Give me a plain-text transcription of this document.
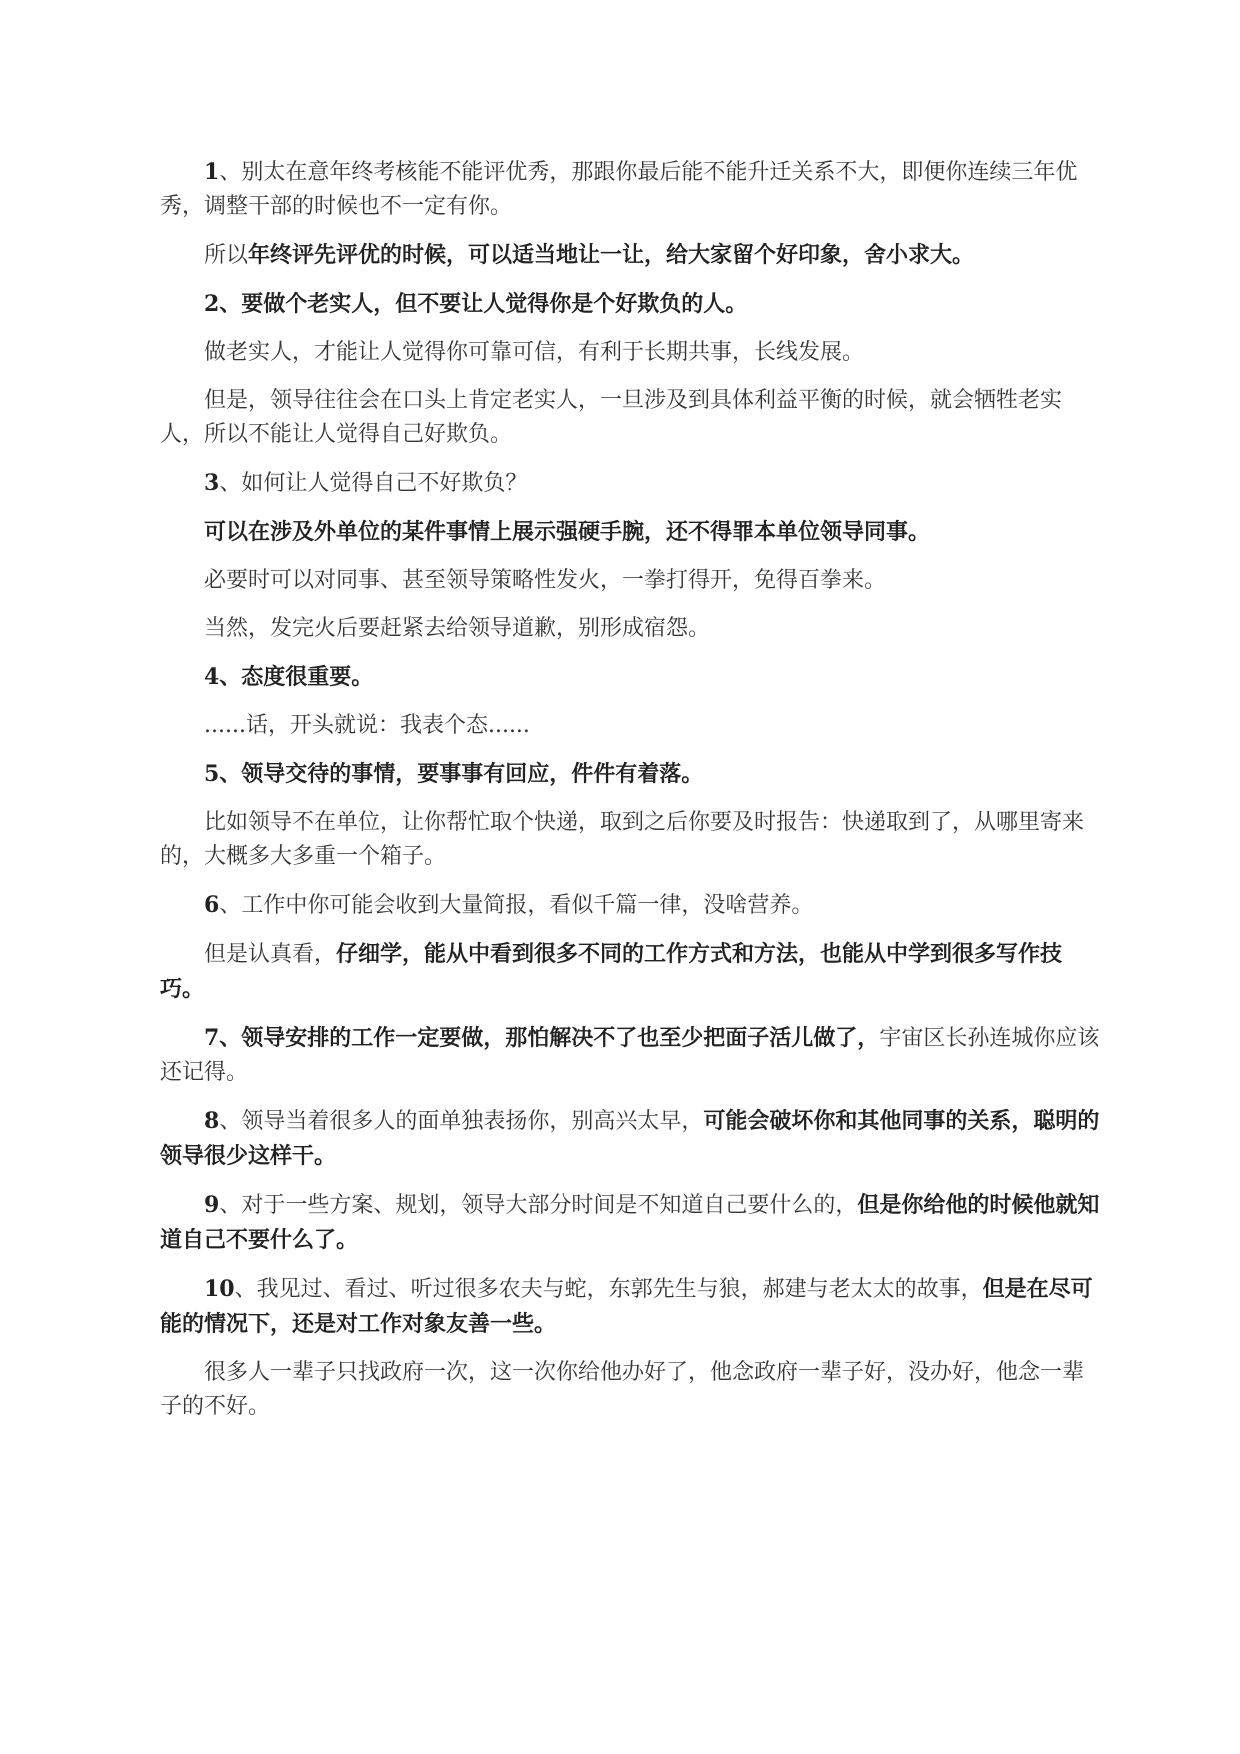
1、别太在意年终考核能不能评优秀，那跟你最后能不能升迁关系不大，即便你连续三年优秀，调整干部的时候也不一定有你。

所以年终评先评优的时候，可以适当地让一让，给大家留个好印象，舍小求大。

2、要做个老实人，但不要让人觉得你是个好欺负的人。

做老实人，才能让人觉得你可靠可信，有利于长期共事，长线发展。

但是，领导往往会在口头上肯定老实人，一旦涉及到具体利益平衡的时候，就会牺牲老实人，所以不能让人觉得自己好欺负。

3、如何让人觉得自己不好欺负？

可以在涉及外单位的某件事情上展示强硬手腕，还不得罪本单位领导同事。

必要时可以对同事、甚至领导策略性发火，一拳打得开，免得百拳来。

当然，发完火后要赶紧去给领导道歉，别形成宿怨。

4、态度很重要。

......话，开头就说：我表个态......

5、领导交待的事情，要事事有回应，件件有着落。

比如领导不在单位，让你帮忙取个快递，取到之后你要及时报告：快递取到了，从哪里寄来的，大概多大多重一个箱子。

6、工作中你可能会收到大量简报，看似千篇一律，没啥营养。

但是认真看，仔细学，能从中看到很多不同的工作方式和方法，也能从中学到很多写作技巧。

7、领导安排的工作一定要做，那怕解决不了也至少把面子活儿做了，宇宙区长孙连城你应该还记得。

8、领导当着很多人的面单独表扬你，别高兴太早，可能会破坏你和其他同事的关系，聪明的领导很少这样干。

9、对于一些方案、规划，领导大部分时间是不知道自己要什么的，但是你给他的时候他就知道自己不要什么了。

10、我见过、看过、听过很多农夫与蛇，东郭先生与狼，郝建与老太太的故事，但是在尽可能的情况下，还是对工作对象友善一些。

很多人一辈子只找政府一次，这一次你给他办好了，他念政府一辈子好，没办好，他念一辈子的不好。
